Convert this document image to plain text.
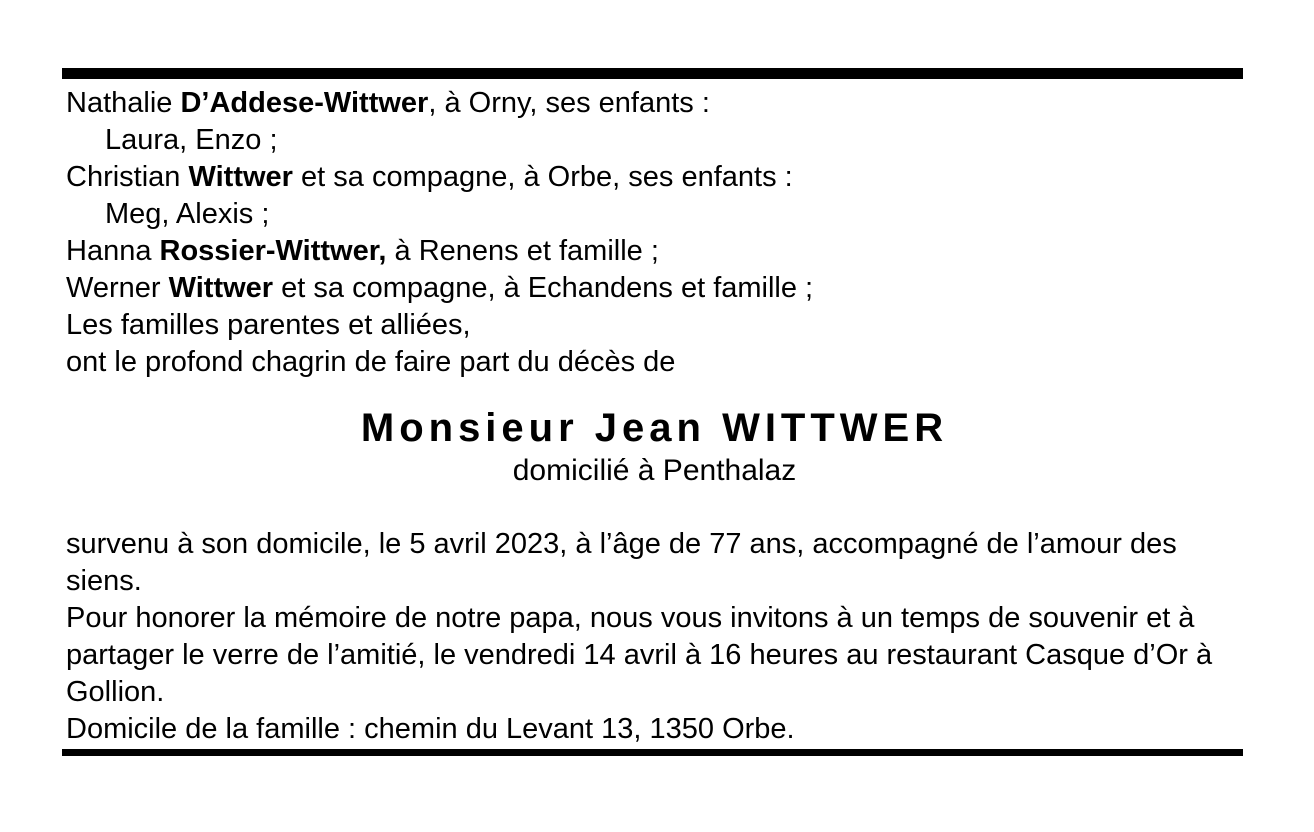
Nathalie D’Addese-Wittwer, à Orny, ses enfants :
Laura, Enzo ;
Christian Wittwer et sa compagne, à Orbe, ses enfants :
Meg, Alexis ;
Hanna Rossier-Wittwer, à Renens et famille ;
Werner Wittwer et sa compagne, à Echandens et famille ;
Les familles parentes et alliées,
ont le profond chagrin de faire part du décès de
Monsieur Jean WITTWER
domicilié à Penthalaz
survenu à son domicile, le 5 avril 2023, à l’âge de 77 ans, accompagné de l’amour des siens.
Pour honorer la mémoire de notre papa, nous vous invitons à un temps de souvenir et à partager le verre de l’amitié, le vendredi 14 avril à 16 heures au restaurant Casque d’Or à Gollion.
Domicile de la famille : chemin du Levant 13, 1350 Orbe.
